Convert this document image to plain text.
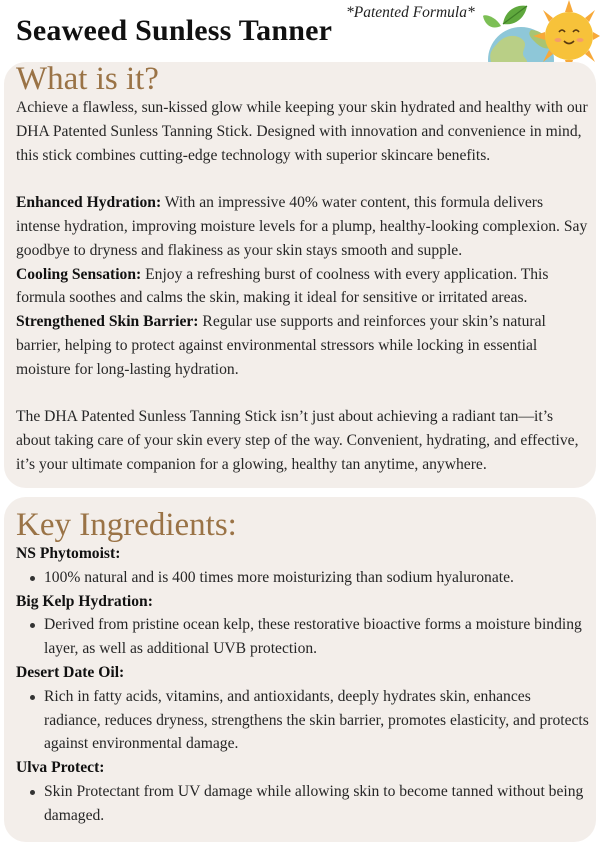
Seaweed Sunless Tanner
*Patented Formula*
What is it?

Achieve a flawless, sun-kissed glow while keeping your skin hydrated and healthy with our DHA Patented Sunless Tanning Stick. Designed with innovation and convenience in mind, this stick combines cutting-edge technology with superior skincare benefits.

Enhanced Hydration: With an impressive 40% water content, this formula delivers intense hydration, improving moisture levels for a plump, healthy-looking complexion. Say goodbye to dryness and flakiness as your skin stays smooth and supple.

Cooling Sensation: Enjoy a refreshing burst of coolness with every application. This formula soothes and calms the skin, making it ideal for sensitive or irritated areas.

Strengthened Skin Barrier: Regular use supports and reinforces your skin’s natural barrier, helping to protect against environmental stressors while locking in essential moisture for long-lasting hydration.

The DHA Patented Sunless Tanning Stick isn’t just about achieving a radiant tan—it’s about taking care of your skin every step of the way. Convenient, hydrating, and effective, it’s your ultimate companion for a glowing, healthy tan anytime, anywhere.

Key Ingredients:
NS Phytomoist:
100% natural and is 400 times more moisturizing than sodium hyaluronate.
Big Kelp Hydration:
Derived from pristine ocean kelp, these restorative bioactive forms a moisture binding layer, as well as additional UVB protection.
Desert Date Oil:
Rich in fatty acids, vitamins, and antioxidants, deeply hydrates skin, enhances radiance, reduces dryness, strengthens the skin barrier, promotes elasticity, and protects against environmental damage.
Ulva Protect:
Skin Protectant from UV damage while allowing skin to become tanned without being damaged.
